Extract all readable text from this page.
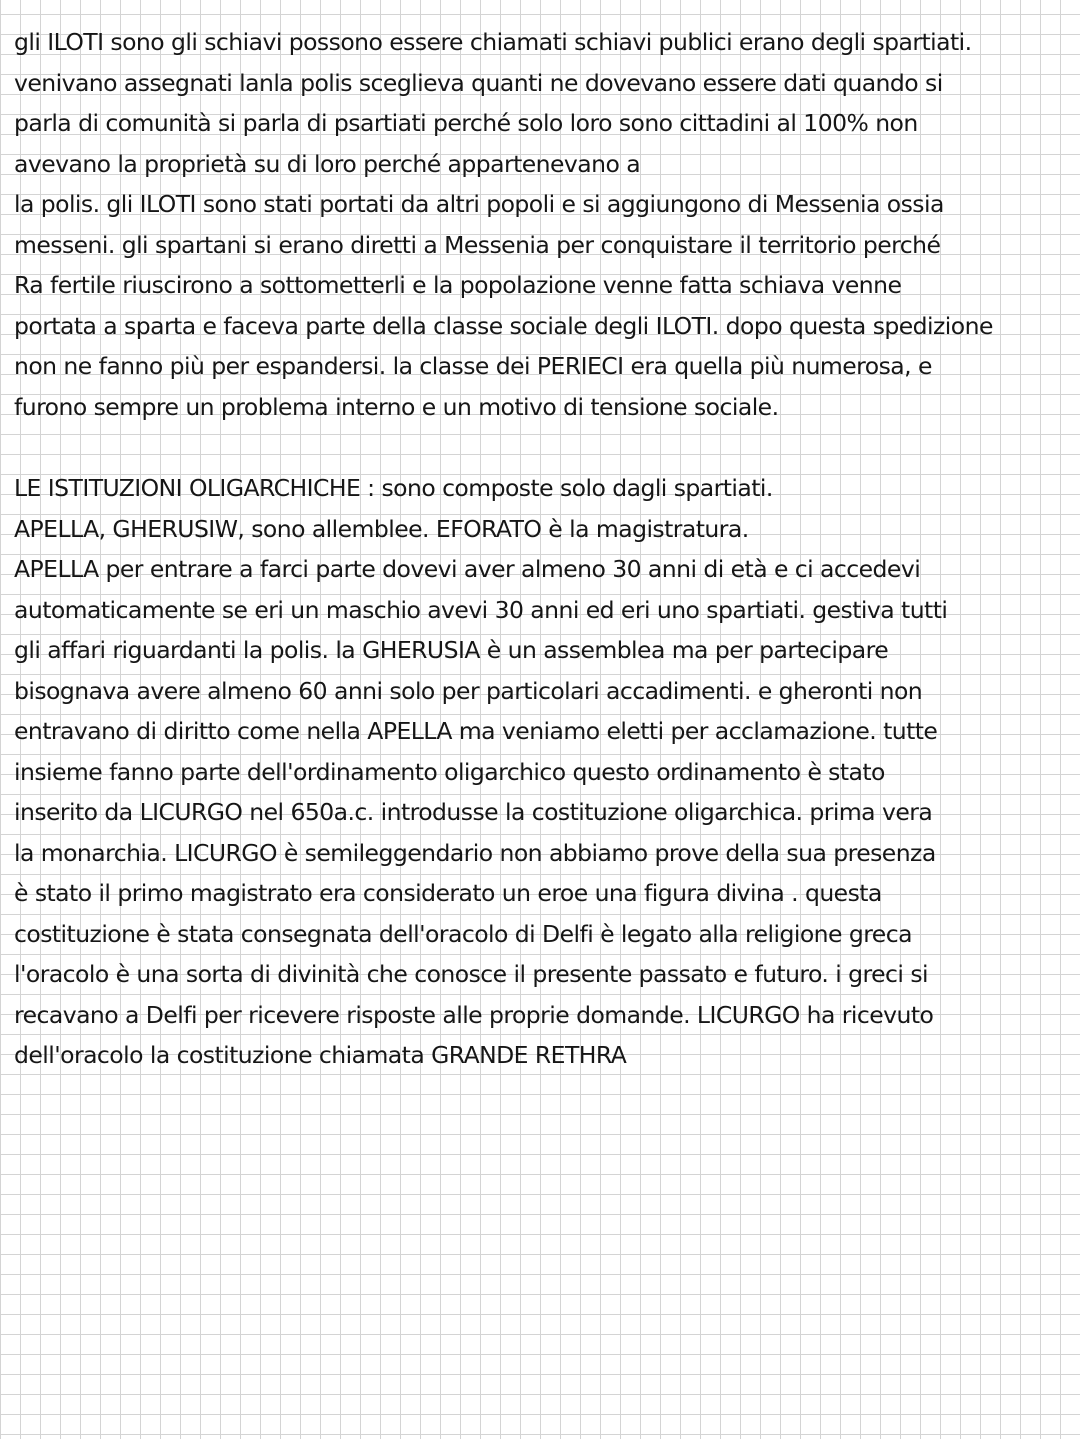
gli ILOTI sono gli schiavi possono essere chiamati schiavi publici erano degli spartiati.
venivano assegnati lanla polis sceglieva quanti ne dovevano essere dati quando si
parla di comunità si parla di psartiati perché solo loro sono cittadini al 100% non
avevano la proprietà su di loro perché appartenevano a
la polis. gli ILOTI sono stati portati da altri popoli e si aggiungono di Messenia ossia
messeni. gli spartani si erano diretti a Messenia per conquistare il territorio perché
Ra fertile riuscirono a sottometterli e la popolazione venne fatta schiava venne
portata a sparta e faceva parte della classe sociale degli ILOTI. dopo questa spedizione
non ne fanno più per espandersi. la classe dei PERIECI era quella più numerosa, e
furono sempre un problema interno e un motivo di tensione sociale.
LE ISTITUZIONI OLIGARCHICHE : sono composte solo dagli spartiati.
APELLA, GHERUSIW, sono allemblee. EFORATO è la magistratura.
APELLA per entrare a farci parte dovevi aver almeno 30 anni di età e ci accedevi
automaticamente se eri un maschio avevi 30 anni ed eri uno spartiati. gestiva tutti
gli affari riguardanti la polis. la GHERUSIA è un assemblea ma per partecipare
bisognava avere almeno 60 anni solo per particolari accadimenti. e gheronti non
entravano di diritto come nella APELLA ma veniamo eletti per acclamazione. tutte
insieme fanno parte dell'ordinamento oligarchico questo ordinamento è stato
inserito da LICURGO nel 650a.c. introdusse la costituzione oligarchica. prima vera
la monarchia. LICURGO è semileggendario non abbiamo prove della sua presenza
è stato il primo magistrato era considerato un eroe una figura divina . questa
costituzione è stata consegnata dell'oracolo di Delfi è legato alla religione greca
l'oracolo è una sorta di divinità che conosce il presente passato e futuro. i greci si
recavano a Delfi per ricevere risposte alle proprie domande. LICURGO ha ricevuto
dell'oracolo la costituzione chiamata GRANDE RETHRA
